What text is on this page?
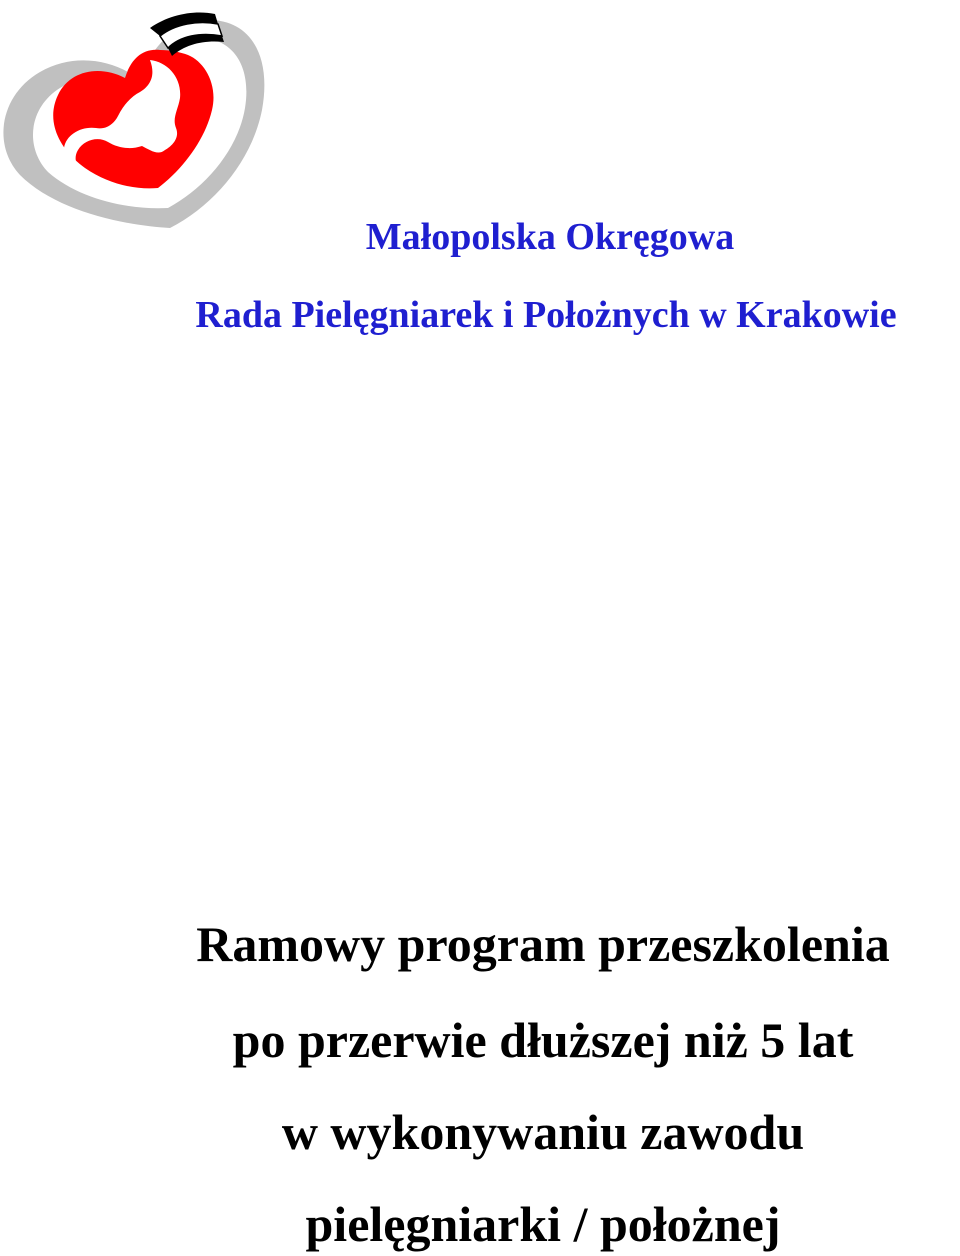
Małopolska Okręgowa

Rada Pielęgniarek i Położnych w Krakowie

Ramowy program przeszkolenia

po przerwie dłuższej niż 5 lat

w wykonywaniu zawodu

pielęgniarki / położnej
